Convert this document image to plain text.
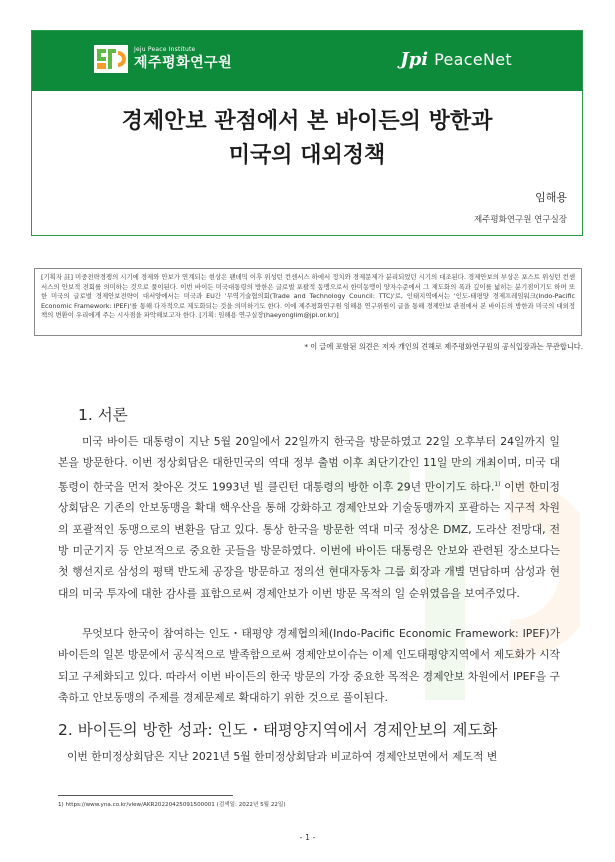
Jeju Peace Institute
제주평화연구원	Jpi PeaceNet
경제안보 관점에서 본 바이든의 방한과
미국의 대외정책
임해용
제주평화연구원 연구실장
[기획자 註] 미중전략경쟁의 시기에 경제와 안보가 연계되는 현상은 팬데믹 이후 위성턴 컨센서스 하에서 정치와 경제문제가 분리되었던 시기의 대조된다. 경제안보의 부상은 포스트 위싱턴 컨센서스의 안보적 전회를 의미하는 것으로 풀이된다. 이번 바이든 미국대통령의 방한은 글로벌 포괄적 동맹으로서 한미동맹이 양자수준에서 그 제도화의 폭과 깊이를 넓히는 분기점이기도 하며 또한 미국의 글로벌 경제안보전략이 대서양에서는 미국과 EU간 '무역기술협의회(Trade and Technology Council: TTC)'로, 인태지역에서는 '인도-태평양 경제프레임워크(Indo-Pacific Economic Framework: IPEF)'를 통해 다자적으로 제도화되는 것을 의미하기도 한다. 이에 제주평화연구원 임해용 연구위원이 글을 통해 경제안보 관점에서 본 바이든의 방한과 미국의 대외정책의 변환이 우리에게 주는 시사점을 파악해보고자 한다. [기획: 임해용 연구실장(haeyonglim@jpi.or.kr)]
* 이 글에 포함된 의견은 저자 개인의 견해로 제주평화연구원의 공식입장과는 무관합니다.
1. 서론
미국 바이든 대통령이 지난 5월 20일에서 22일까지 한국을 방문하였고 22일 오후부터 24일까지 일본을 방문한다. 이번 정상회담은 대한민국의 역대 정부 출범 이후 최단기간인 11일 만의 개최이며, 미국 대통령이 한국을 먼저 찾아온 것도 1993년 빌 클린턴 대통령의 방한 이후 29년 만이기도 하다.$^{1)}$ 이번 한미정상회담은 기존의 안보동맹을 확대 핵우산을 통해 강화하고 경제안보와 기술동맹까지 포괄하는 지구적 차원의 포괄적인 동맹으로의 변환을 담고 있다. 통상 한국을 방문한 역대 미국 정상은 DMZ, 도라산 전망대, 전방 미군기지 등 안보적으로 중요한 곳들을 방문하였다. 이번에 바이든 대통령은 안보와 관련된 장소보다는 첫 행선지로 삼성의 평택 반도체 공장을 방문하고 정의선 현대자동차 그룹 회장과 개별 면담하며 삼성과 현대의 미국 투자에 대한 감사를 표함으로써 경제안보가 이번 방문 목적의 일 순위였음을 보여주었다.
무엇보다 한국이 참여하는 인도・태평양 경제협의체(Indo-Pacific Economic Framework: IPEF)가 바이든의 일본 방문에서 공식적으로 발족함으로써 경제안보이슈는 이제 인도태평양지역에서 제도화가 시작되고 구체화되고 있다. 따라서 이번 바이든의 한국 방문의 가장 중요한 목적은 경제안보 차원에서 IPEF을 구축하고 안보동맹의 주제를 경제문제로 확대하기 위한 것으로 풀이된다.
2. 바이든의 방한 성과: 인도・태평양지역에서 경제안보의 제도화
이번 한미정상회담은 지난 2021년 5월 한미정상회담과 비교하여 경제안보면에서 제도적 변
1) https://www.yna.co.kr/view/AKR20220425091500001 (검색일: 2022년 5월 22일)
- 1 -
